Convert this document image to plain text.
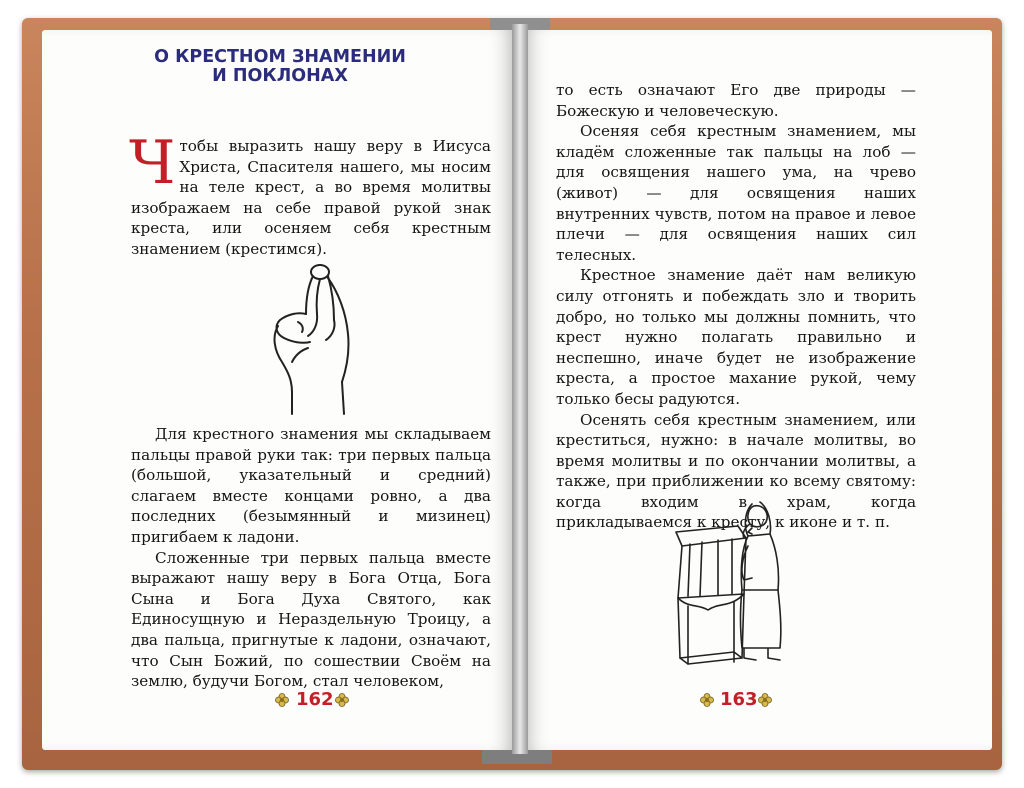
О КРЕСТНОМ ЗНАМЕНИИ
И ПОКЛОНАХ

Чтобы выразить нашу веру в Иисуса Христа, Спасителя нашего, мы носим на теле крест, а во время молитвы изображаем на себе правой рукой знак креста, или осеняем себя крестным знамением (крестимся).

Для крестного знамения мы складываем пальцы правой руки так: три первых пальца (большой, указательный и средний) слагаем вместе концами ровно, а два последних (безымянный и мизинец) пригибаем к ладони.

Сложенные три первых пальца вместе выражают нашу веру в Бога Отца, Бога Сына и Бога Духа Святого, как Единосущную и Нераздельную Троицу, а два пальца, пригнутые к ладони, означают, что Сын Божий, по сошествии Своём на землю, будучи Богом, стал человеком,

162

то есть означают Его две природы — Божескую и человеческую.

Осеняя себя крестным знамением, мы кладём сложенные так пальцы на лоб — для освящения нашего ума, на чрево (живот) — для освящения наших внутренних чувств, потом на правое и левое плечи — для освящения наших сил телесных.

Крестное знамение даёт нам великую силу отгонять и побеждать зло и творить добро, но только мы должны помнить, что крест нужно полагать правильно и неспешно, иначе будет не изображение креста, а простое махание рукой, чему только бесы радуются.

Осенять себя крестным знамением, или креститься, нужно: в начале молитвы, во время молитвы и по окончании молитвы, а также, при приближении ко всему святому: когда входим в храм, когда прикладываемся к кресту, к иконе и т. п.

163
